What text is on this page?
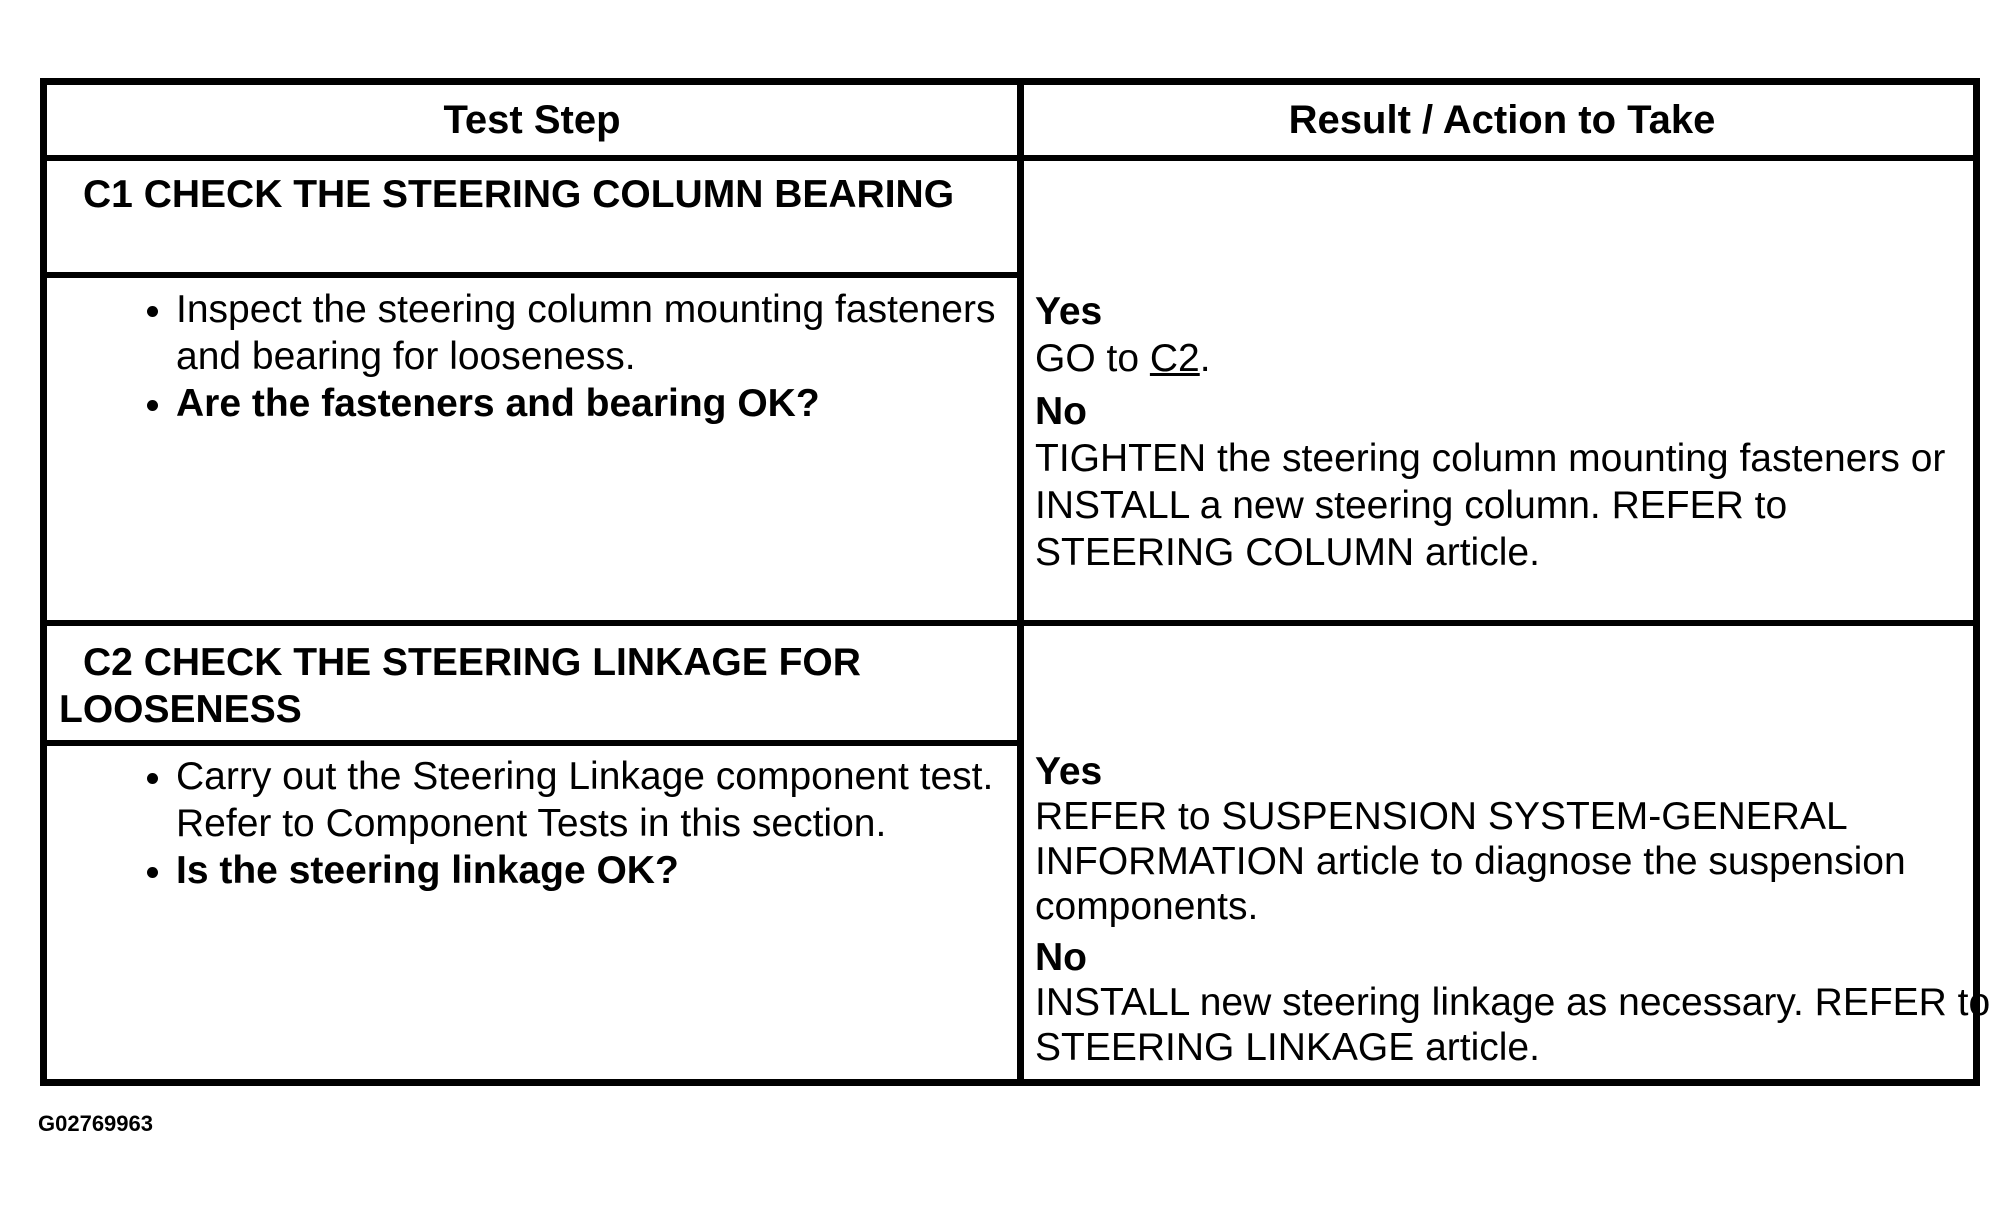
Test Step	Result / Action to Take
C1 CHECK THE STEERING COLUMN BEARING
• Inspect the steering column mounting fasteners and bearing for looseness.
• Are the fasteners and bearing OK?
Yes
GO to C2.
No
TIGHTEN the steering column mounting fasteners or INSTALL a new steering column. REFER to STEERING COLUMN article.
C2 CHECK THE STEERING LINKAGE FOR LOOSENESS
• Carry out the Steering Linkage component test. Refer to Component Tests in this section.
• Is the steering linkage OK?
Yes
REFER to SUSPENSION SYSTEM-GENERAL INFORMATION article to diagnose the suspension components.
No
INSTALL new steering linkage as necessary. REFER to STEERING LINKAGE article.
G02769963
